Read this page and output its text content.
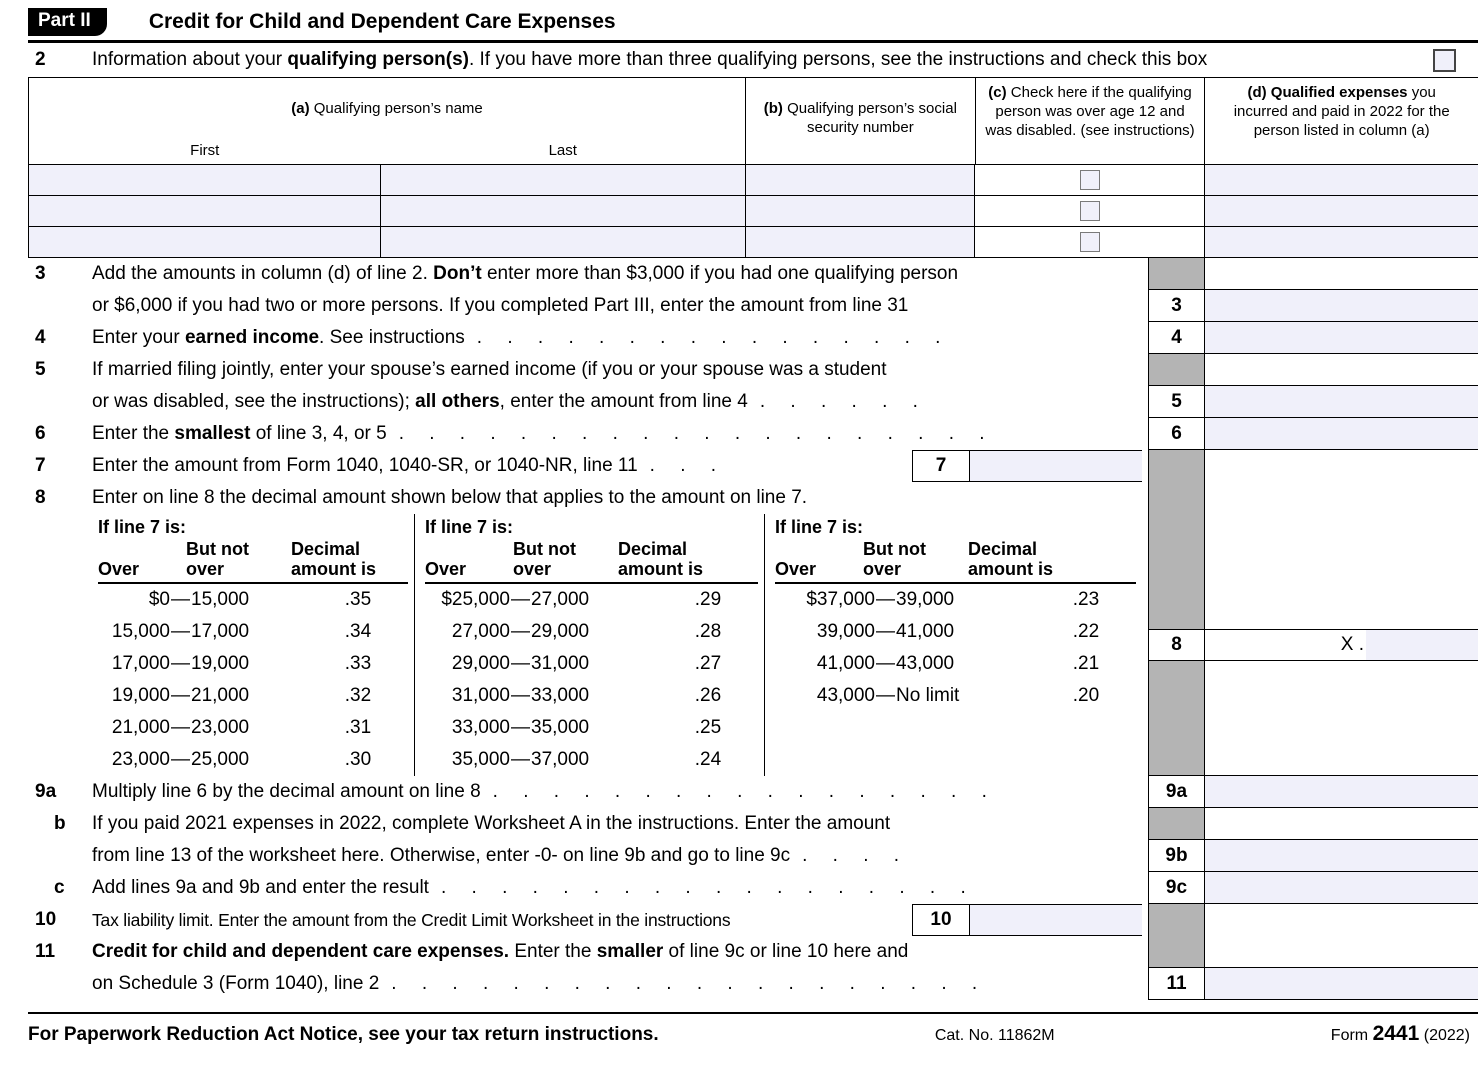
Part II	Credit for Child and Dependent Care Expenses
2	Information about your qualifying person(s). If you have more than three qualifying persons, see the instructions and check this box
(a) Qualifying person’s name
First	Last
(b) Qualifying person’s social security number
(c) Check here if the qualifying person was over age 12 and was disabled. (see instructions)
(d) Qualified expenses you incurred and paid in 2022 for the person listed in column (a)
3	Add the amounts in column (d) of line 2. Don’t enter more than $3,000 if you had one qualifying person
or $6,000 if you had two or more persons. If you completed Part III, enter the amount from line 31	3
4	Enter your earned income. See instructions . . . . . . . . . . . . . . . .	4
5	If married filing jointly, enter your spouse’s earned income (if you or your spouse was a student
or was disabled, see the instructions); all others, enter the amount from line 4 . . . . . .	5
6	Enter the smallest of line 3, 4, or 5 . . . . . . . . . . . . . . . . . . . .	6
7	Enter the amount from Form 1040, 1040-SR, or 1040-NR, line 11 . . .	7
8	Enter on line 8 the decimal amount shown below that applies to the amount on line 7.
If line 7 is:
Over
But not over
Decimal amount is
$0 — 15,000	.35
15,000 — 17,000	.34
17,000 — 19,000	.33
19,000 — 21,000	.32
21,000 — 23,000	.31
23,000 — 25,000	.30
If line 7 is:
Over
But not over
Decimal amount is
$25,000 — 27,000	.29
27,000 — 29,000	.28
29,000 — 31,000	.27
31,000 — 33,000	.26
33,000 — 35,000	.25
35,000 — 37,000	.24
If line 7 is:
Over
But not over
Decimal amount is
$37,000 — 39,000	.23
39,000 — 41,000	.22
41,000 — 43,000	.21
43,000 — No limit	.20
8	X .
9a	Multiply line 6 by the decimal amount on line 8 . . . . . . . . . . . . . . . . .	9a
b	If you paid 2021 expenses in 2022, complete Worksheet A in the instructions. Enter the amount
from line 13 of the worksheet here. Otherwise, enter -0- on line 9b and go to line 9c . . . .	9b
c	Add lines 9a and 9b and enter the result . . . . . . . . . . . . . . . . . .	9c
10	Tax liability limit. Enter the amount from the Credit Limit Worksheet in the instructions	10
11	Credit for child and dependent care expenses. Enter the smaller of line 9c or line 10 here and
on Schedule 3 (Form 1040), line 2 . . . . . . . . . . . . . . . . . . . .	11
For Paperwork Reduction Act Notice, see your tax return instructions.	Cat. No. 11862M	Form 2441 (2022)
